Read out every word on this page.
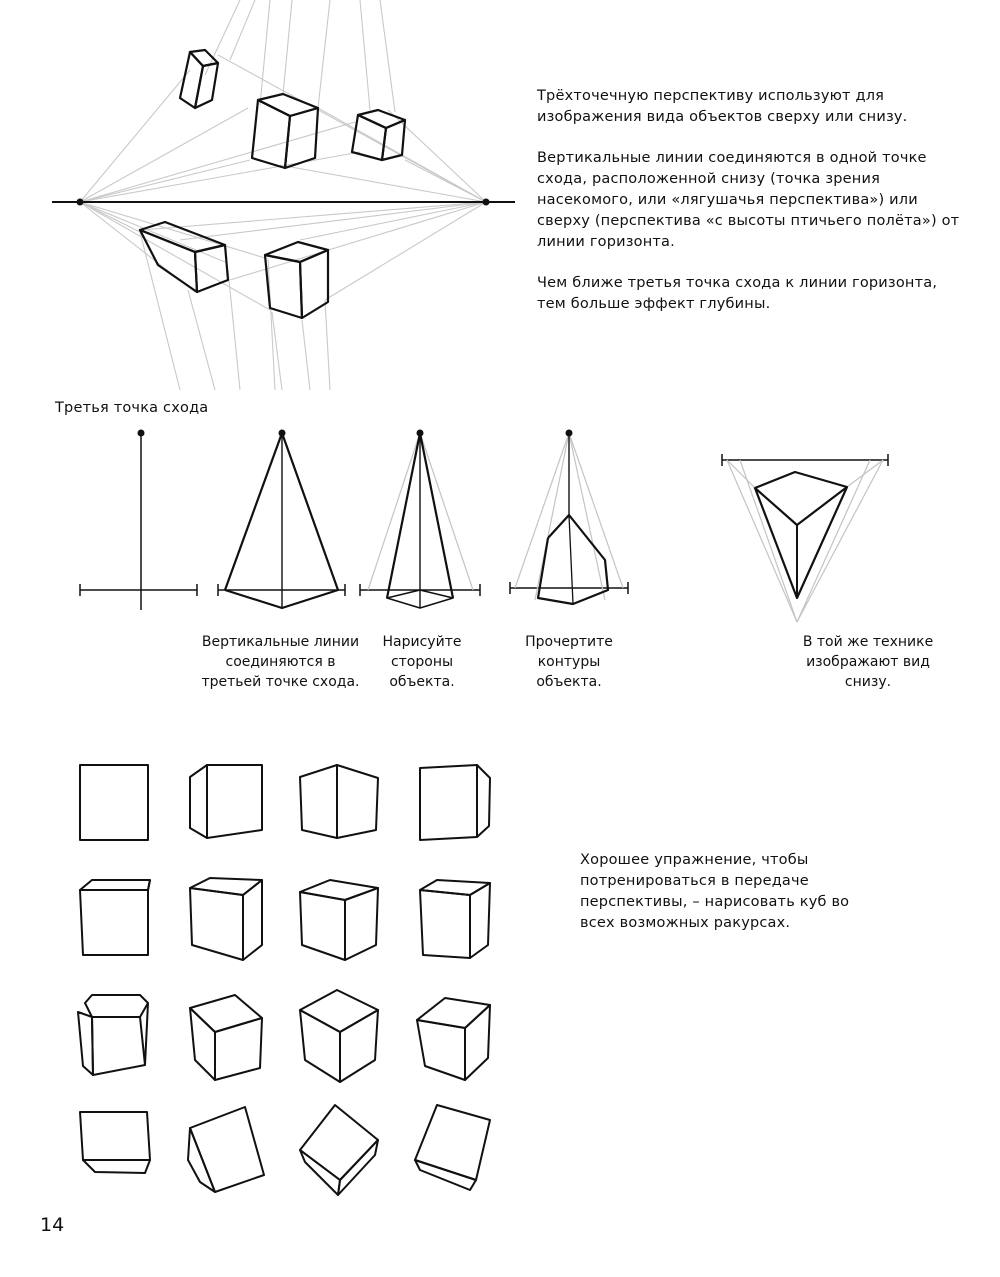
Трёхточечную перспективу используют для изображения вида объектов сверху или снизу.

Вертикальные линии соединяются в одной точке схода, расположенной снизу (точка зрения насекомого, или «лягушачья перспектива») или сверху (перспектива «с высоты птичьего полёта») от линии горизонта.

Чем ближе третья точка схода к линии горизонта, тем больше эффект глубины.

Третья точка схода
Вертикальные линии соединяются в третьей точке схода.
Нарисуйте стороны объекта.
Прочертите контуры объекта.
В той же технике изображают вид снизу.
Хорошее упражнение, чтобы потренироваться в передаче перспективы, – нарисовать куб во всех возможных ракурсах.
14
